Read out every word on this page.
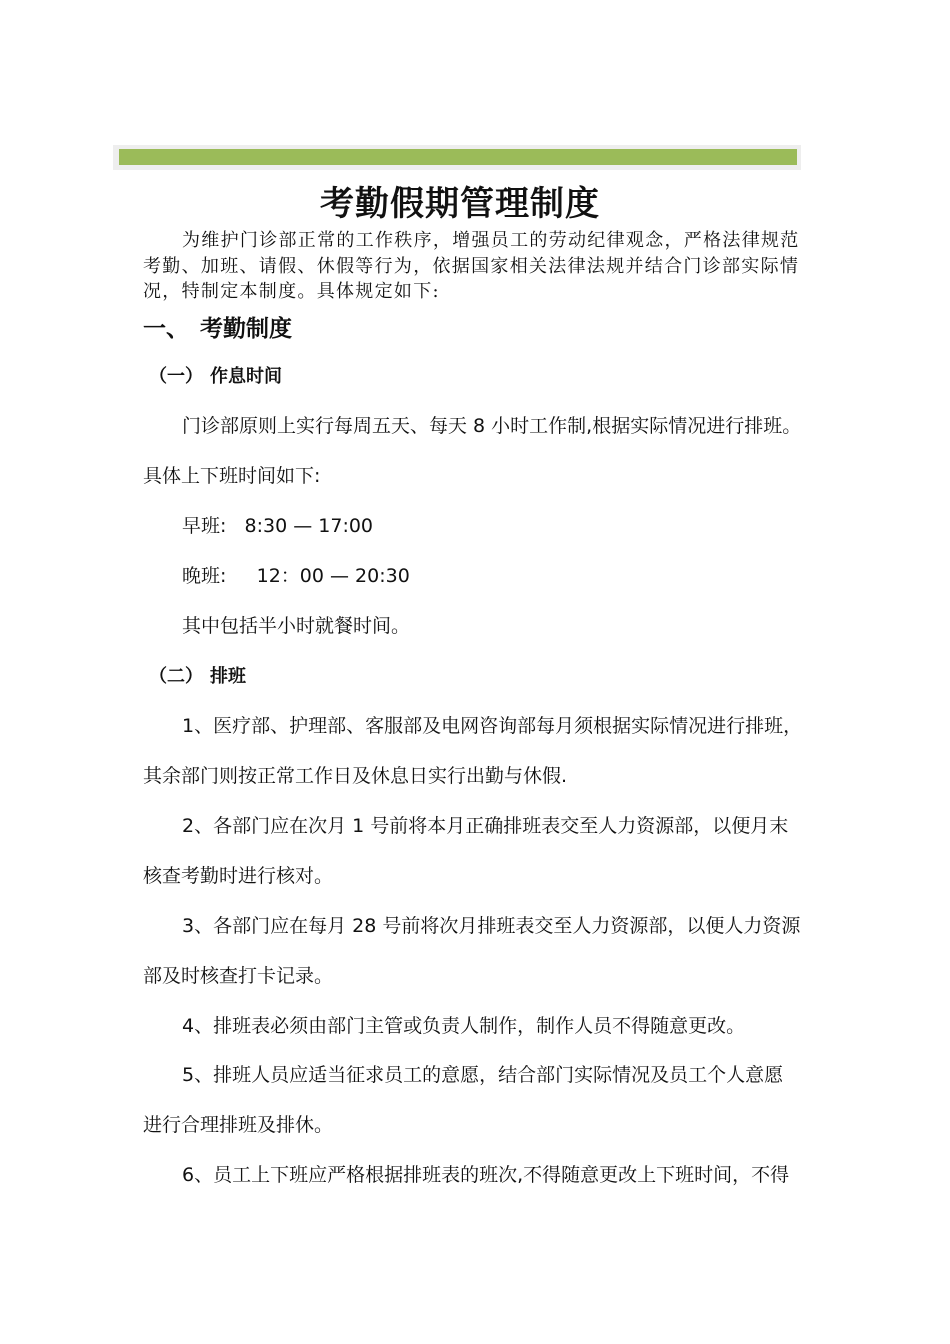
考勤假期管理制度
为维护门诊部正常的工作秩序，增强员工的劳动纪律观念，严格法律规范
考勤、加班、请假、休假等行为，依据国家相关法律法规并结合门诊部实际情
况，特制定本制度。具体规定如下:
一、 考勤制度
（一） 作息时间
门诊部原则上实行每周五天、每天 8 小时工作制,根据实际情况进行排班。
具体上下班时间如下:
早班:   8:30 — 17:00
晚班:     12：00 — 20:30
其中包括半小时就餐时间。
（二） 排班
1、医疗部、护理部、客服部及电网咨询部每月须根据实际情况进行排班，
其余部门则按正常工作日及休息日实行出勤与休假.
2、各部门应在次月 1 号前将本月正确排班表交至人力资源部，以便月末
核查考勤时进行核对。
3、各部门应在每月 28 号前将次月排班表交至人力资源部，以便人力资源
部及时核查打卡记录。
4、排班表必须由部门主管或负责人制作，制作人员不得随意更改。
5、排班人员应适当征求员工的意愿，结合部门实际情况及员工个人意愿
进行合理排班及排休。
6、员工上下班应严格根据排班表的班次,不得随意更改上下班时间，不得
